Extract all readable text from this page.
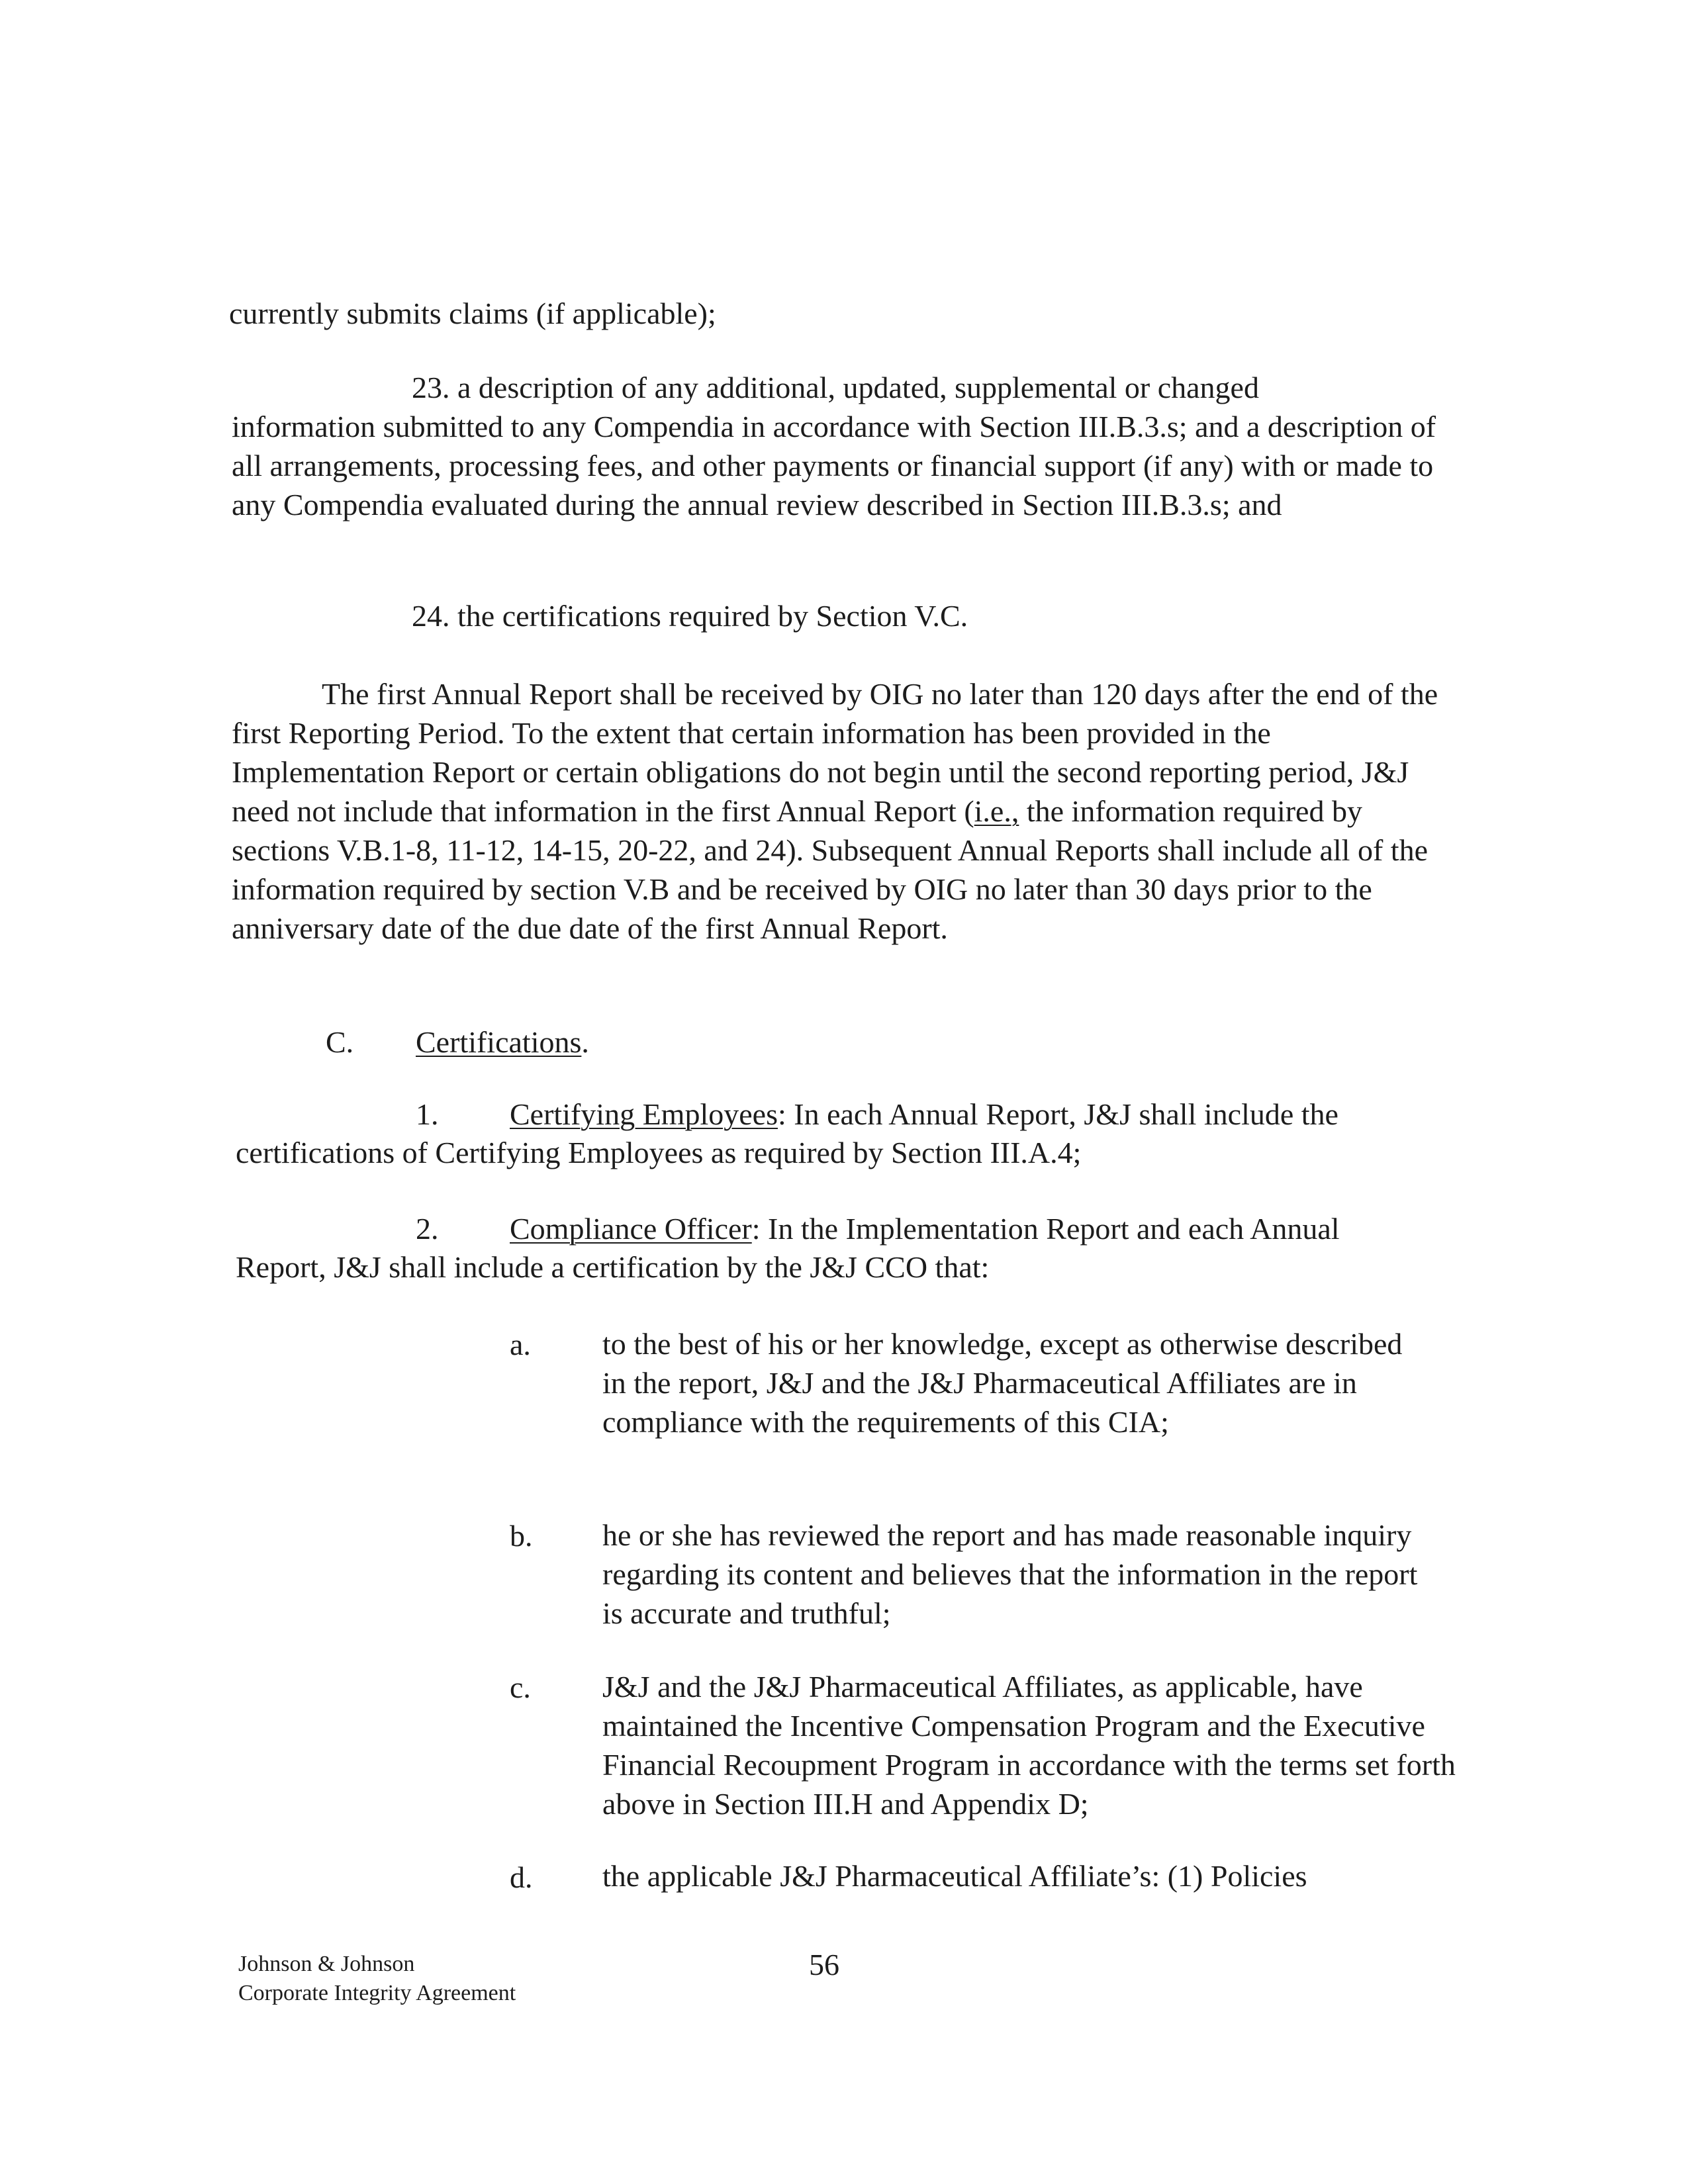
currently submits claims (if applicable);
23. a description of any additional, updated, supplemental or changed
information submitted to any Compendia in accordance with Section III.B.3.s; and a description of all arrangements, processing fees, and other payments or financial support (if any) with or made to any Compendia evaluated during the annual review described in Section III.B.3.s; and
24. the certifications required by Section V.C.
The first Annual Report shall be received by OIG no later than 120 days after the end of the first Reporting Period. To the extent that certain information has been provided in the Implementation Report or certain obligations do not begin until the second reporting period, J&J need not include that information in the first Annual Report (i.e., the information required by sections V.B.1-8, 11-12, 14-15, 20-22, and 24). Subsequent Annual Reports shall include all of the information required by section V.B and be received by OIG no later than 30 days prior to the anniversary date of the due date of the first Annual Report.
C. Certifications.
1. Certifying Employees: In each Annual Report, J&J shall include the
certifications of Certifying Employees as required by Section III.A.4;
2. Compliance Officer: In the Implementation Report and each Annual
Report, J&J shall include a certification by the J&J CCO that:
a. to the best of his or her knowledge, except as otherwise described in the report, J&J and the J&J Pharmaceutical Affiliates are in compliance with the requirements of this CIA;
b. he or she has reviewed the report and has made reasonable inquiry regarding its content and believes that the information in the report is accurate and truthful;
c. J&J and the J&J Pharmaceutical Affiliates, as applicable, have maintained the Incentive Compensation Program and the Executive Financial Recoupment Program in accordance with the terms set forth above in Section III.H and Appendix D;
d. the applicable J&J Pharmaceutical Affiliate’s: (1) Policies
Johnson & Johnson
Corporate Integrity Agreement
56
